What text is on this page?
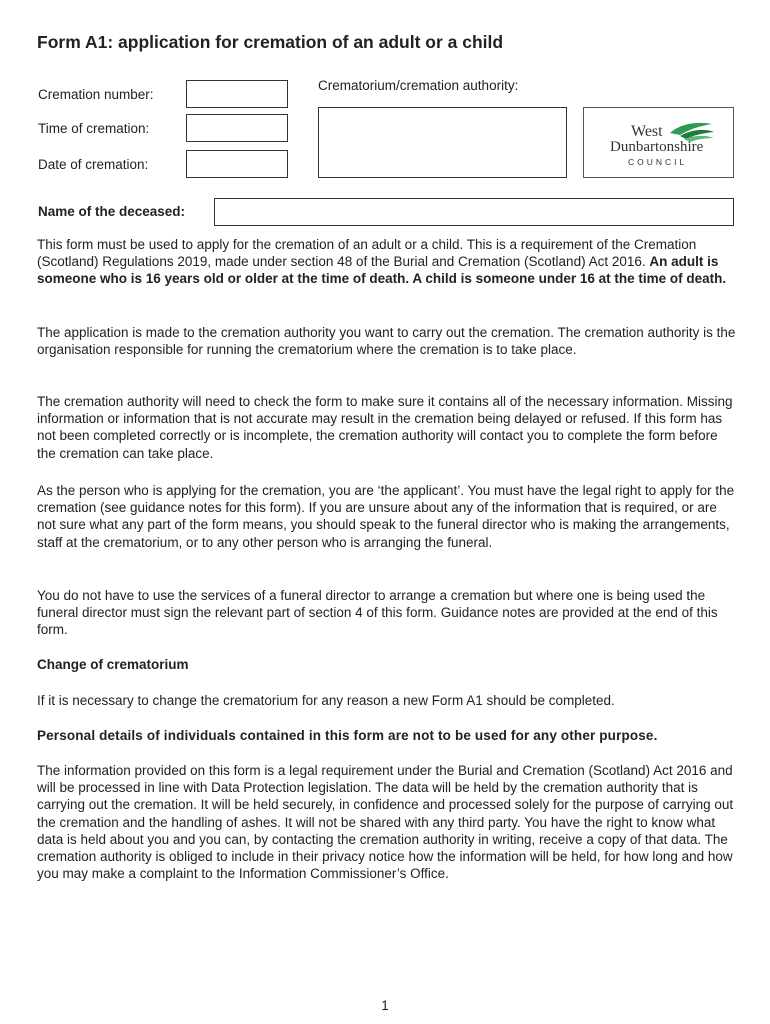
Form A1: application for cremation of an adult or a child
Cremation number:
Time of cremation:
Date of cremation:
Crematorium/cremation authority:
West
Dunbartonshire
COUNCIL
Name of the deceased:

This form must be used to apply for the cremation of an adult or a child. This is a requirement of the Cremation (Scotland) Regulations 2019, made under section 48 of the Burial and Cremation (Scotland) Act 2016. An adult is someone who is 16 years old or older at the time of death. A child is someone under 16 at the time of death.

The application is made to the cremation authority you want to carry out the cremation. The cremation authority is the organisation responsible for running the crematorium where the cremation is to take place.

The cremation authority will need to check the form to make sure it contains all of the necessary information. Missing information or information that is not accurate may result in the cremation being delayed or refused. If this form has not been completed correctly or is incomplete, the cremation authority will contact you to complete the form before the cremation can take place.

As the person who is applying for the cremation, you are ‘the applicant’. You must have the legal right to apply for the cremation (see guidance notes for this form). If you are unsure about any of the information that is required, or are not sure what any part of the form means, you should speak to the funeral director who is making the arrangements, staff at the crematorium, or to any other person who is arranging the funeral.

You do not have to use the services of a funeral director to arrange a cremation but where one is being used the funeral director must sign the relevant part of section 4 of this form. Guidance notes are provided at the end of this form.

Change of crematorium

If it is necessary to change the crematorium for any reason a new Form A1 should be completed.

Personal details of individuals contained in this form are not to be used for any other purpose.

The information provided on this form is a legal requirement under the Burial and Cremation (Scotland) Act 2016 and will be processed in line with Data Protection legislation. The data will be held by the cremation authority that is carrying out the cremation. It will be held securely, in confidence and processed solely for the purpose of carrying out the cremation and the handling of ashes. It will not be shared with any third party. You have the right to know what data is held about you and you can, by contacting the cremation authority in writing, receive a copy of that data. The cremation authority is obliged to include in their privacy notice how the information will be held, for how long and how you may make a complaint to the Information Commissioner’s Office.

1
